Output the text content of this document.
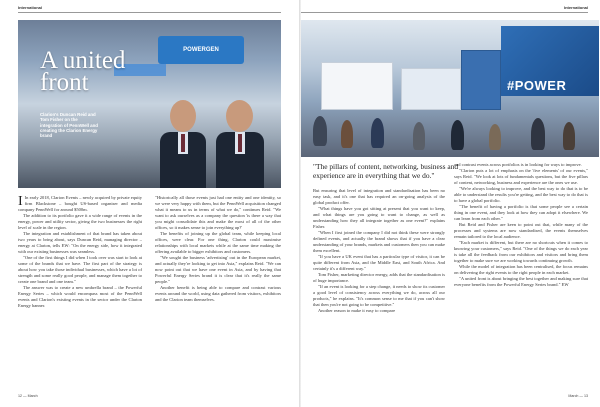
International
POWERGEN
A united
front
Clarion's Duncan Reid and Tom Fisher on the integration of PennWell and creating the Clarion Energy brand

I In early 2018, Clarion Events – newly acquired by private equity firm Blackstone – bought US-based organiser and media company PennWell for around $500m.

The addition to its portfolio gave it a wide range of events in the energy, power and utility sector, giving the two businesses the right level of scale in the region.

The integration and establishment of that brand has taken about two years to bring about, says Duncan Reid, managing director – energy at Clarion, tells EW: "On the energy side, how it integrated with our existing businesses was seamless.

"One of the first things I did when I took over was start to look at some of the brands that we have. The first part of the strategy is about how you take those individual businesses, which have a lot of strength and some really good people, and manage them together to create one brand and one team."

The answer was to create a new umbrella brand – the Powerful Energy Series – which would encompass most of the PennWell events and Clarion's existing events in the sector under the Clarion Energy banner.

"Historically all those events just had one entity and one identity, so we were very happy with them, but the PennWell acquisition changed what it means to us in terms of what we do," continues Reid. "We want to ask ourselves as a company the question 'is there a way that you might consolidate this and make the most of all of the other offices, so it makes sense to join everything up?'

The benefits of joining up the global team, while keeping local offices, were clear. For one thing, Clarion could maximise relationships with local markets while at the same time making the offering available to bigger exhibitors and customers.

"We sought the business 'advertising' out in the European market, and actually they're looking to get into Asia," explains Reid. "We can now point out that we have one event in Asia, and by having that Powerful Energy Series brand it is clear that it's really the same people."

Another benefit is being able to compare and contrast various events around the world, using data gathered from visitors, exhibitors and the Clarion team themselves.

12 — March
International
#POWER
"The pillars of content, networking, business and experience are in everything that we do."

But ensuring that level of integration and standardisation has been no easy task, and it's one that has required an on-going analysis of the global product offer.

"What things have you got sitting at present that you want to keep, and what things are you going to want to change, as well as understanding how they all integrate together as one event?" explains Fisher.

"When I first joined the company I did not think these were strongly defined events, and actually the brand shows that if you have a clear understanding of your brands, markets and customers then you can make them excellent.

"If you have a UK event that has a particular type of visitor, it can be quite different from Asia, and the Middle East, and South Africa. And certainly it's a different way."

Tom Fisher, marketing director energy, adds that the standardisation is of huge importance.

"If an event is looking for a step change, it needs to show its customer a good level of consistency across everything we do, across all our products," he explains. "It's common sense to me that if you can't show that then you're not going to be competitive."

Another reason to make it easy to compare

and contrast events across portfolios is in looking for ways to improve.

"Clarion puts a lot of emphasis on the 'five elements' of our events," says Reid. "We look at lots of fundamentals questions, but the five pillars of content, networking, business and experience are the ones we use.

"We're always looking to improve, and the best way to do that is to be able to understand the results you're getting, and the best way to do that is to have a global portfolio.

"The benefit of having a portfolio is that some people see a certain thing in one event, and they look at how they can adopt it elsewhere. We can learn from each other."

But Reid and Fisher are keen to point out that, while many of the processes and systems are now standardised, the events themselves remain tailored to the local audience.

"Each market is different, but there are no shortcuts when it comes to knowing your customers," says Reid. "One of the things we do each year is take all the feedback from our exhibitors and visitors and bring them together to make sure we are working towards continuing growth.

While the model of integration has been centralised, the focus remains on delivering the right events to the right people in each market.

"A united front is about bringing the best together and making sure that everyone benefits from the Powerful Energy Series brand." EW

March — 13
